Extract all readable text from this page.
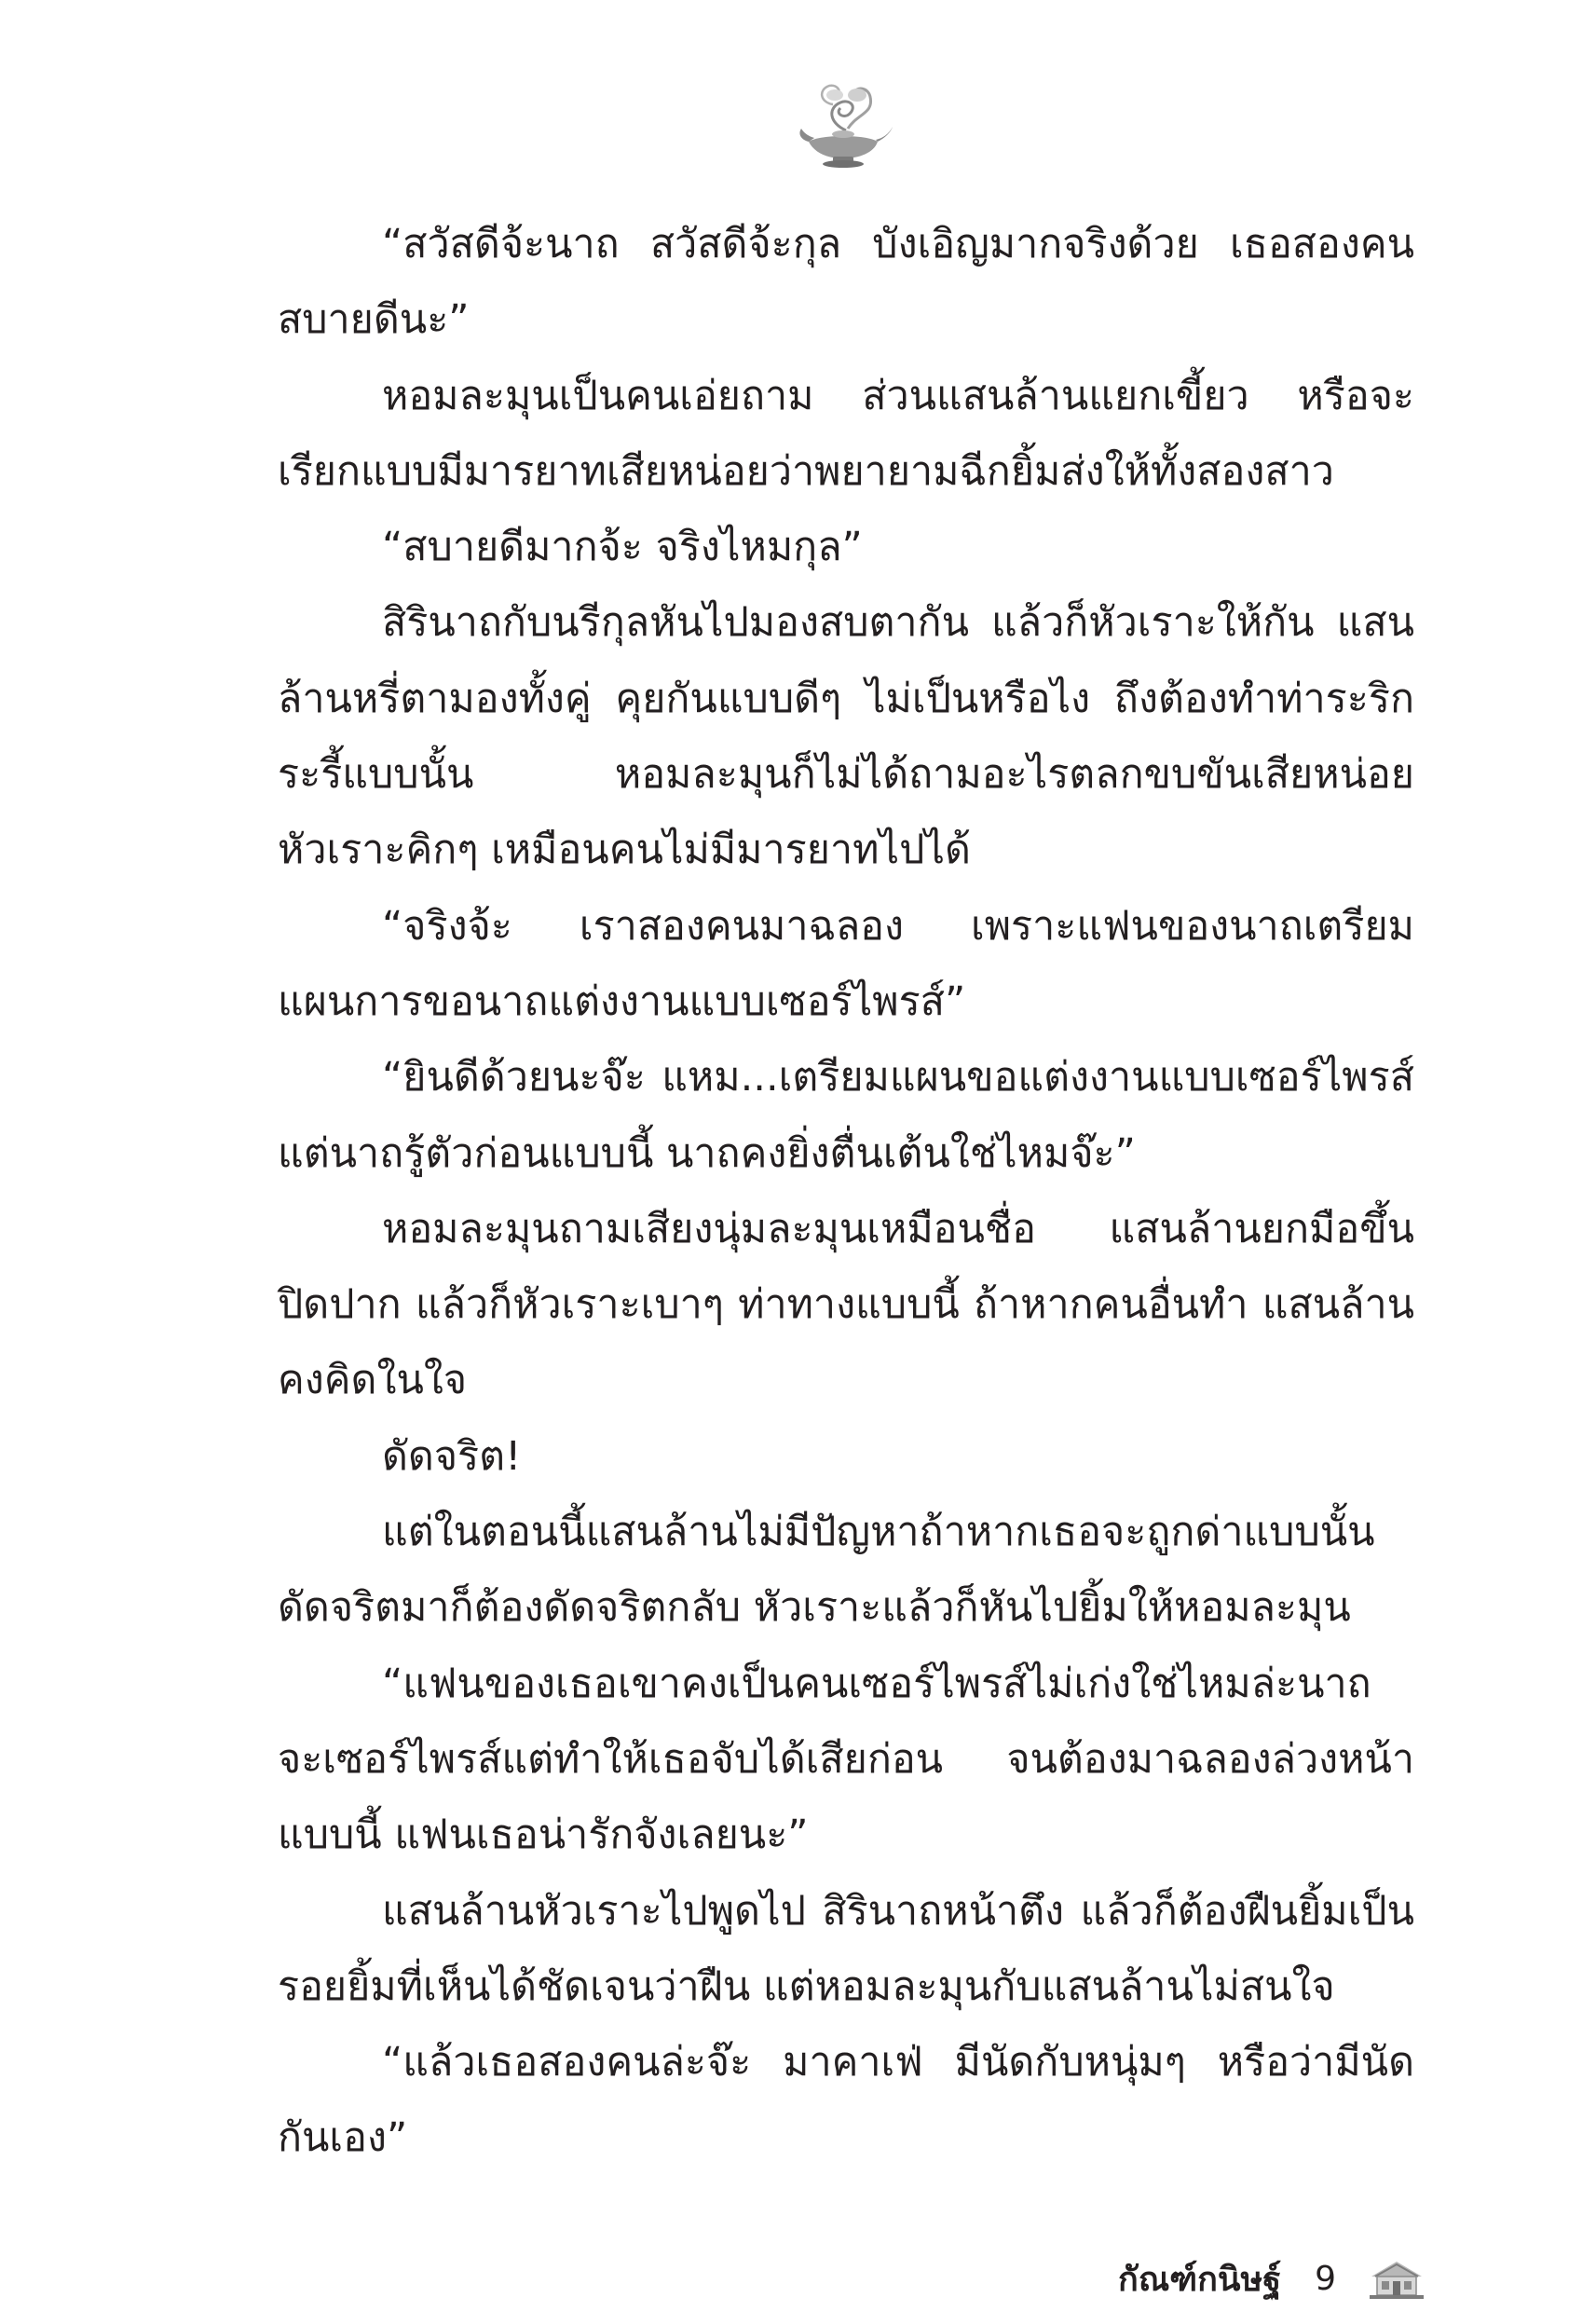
“สวัสดีจ้ะนาถ สวัสดีจ้ะกุล บังเอิญมากจริงด้วย เธอสองคนสบายดีนะ”

หอมละมุนเป็นคนเอ่ยถาม ส่วนแสนล้านแยกเขี้ยว หรือจะเรียกแบบมีมารยาทเสียหน่อยว่าพยายามฉีกยิ้มส่งให้ทั้งสองสาว

“สบายดีมากจ้ะ จริงไหมกุล”

สิรินาถกับนรีกุลหันไปมองสบตากัน แล้วก็หัวเราะให้กัน แสนล้านหรี่ตามองทั้งคู่ คุยกันแบบดีๆ ไม่เป็นหรือไง ถึงต้องทำท่าระริกระรี้แบบนั้น หอมละมุนก็ไม่ได้ถามอะไรตลกขบขันเสียหน่อย หัวเราะคิกๆ เหมือนคนไม่มีมารยาทไปได้

“จริงจ้ะ เราสองคนมาฉลอง เพราะแฟนของนาถเตรียมแผนการขอนาถแต่งงานแบบเซอร์ไพรส์”

“ยินดีด้วยนะจ๊ะ แหม...เตรียมแผนขอแต่งงานแบบเซอร์ไพรส์แต่นาถรู้ตัวก่อนแบบนี้ นาถคงยิ่งตื่นเต้นใช่ไหมจ๊ะ”

หอมละมุนถามเสียงนุ่มละมุนเหมือนชื่อ แสนล้านยกมือขึ้นปิดปาก แล้วก็หัวเราะเบาๆ ท่าทางแบบนี้ ถ้าหากคนอื่นทำ แสนล้านคงคิดในใจ

ดัดจริต!

แต่ในตอนนี้แสนล้านไม่มีปัญหาถ้าหากเธอจะถูกด่าแบบนั้น ดัดจริตมาก็ต้องดัดจริตกลับ หัวเราะแล้วก็หันไปยิ้มให้หอมละมุน

“แฟนของเธอเขาคงเป็นคนเซอร์ไพรส์ไม่เก่งใช่ไหมล่ะนาถ จะเซอร์ไพรส์แต่ทำให้เธอจับได้เสียก่อน จนต้องมาฉลองล่วงหน้าแบบนี้ แฟนเธอน่ารักจังเลยนะ”

แสนล้านหัวเราะไปพูดไป สิรินาถหน้าตึง แล้วก็ต้องฝืนยิ้มเป็นรอยยิ้มที่เห็นได้ชัดเจนว่าฝืน แต่หอมละมุนกับแสนล้านไม่สนใจ

“แล้วเธอสองคนล่ะจ๊ะ มาคาเฟ่ มีนัดกับหนุ่มๆ หรือว่ามีนัดกันเอง”

กัณฑ์กนิษฐ์ 9
